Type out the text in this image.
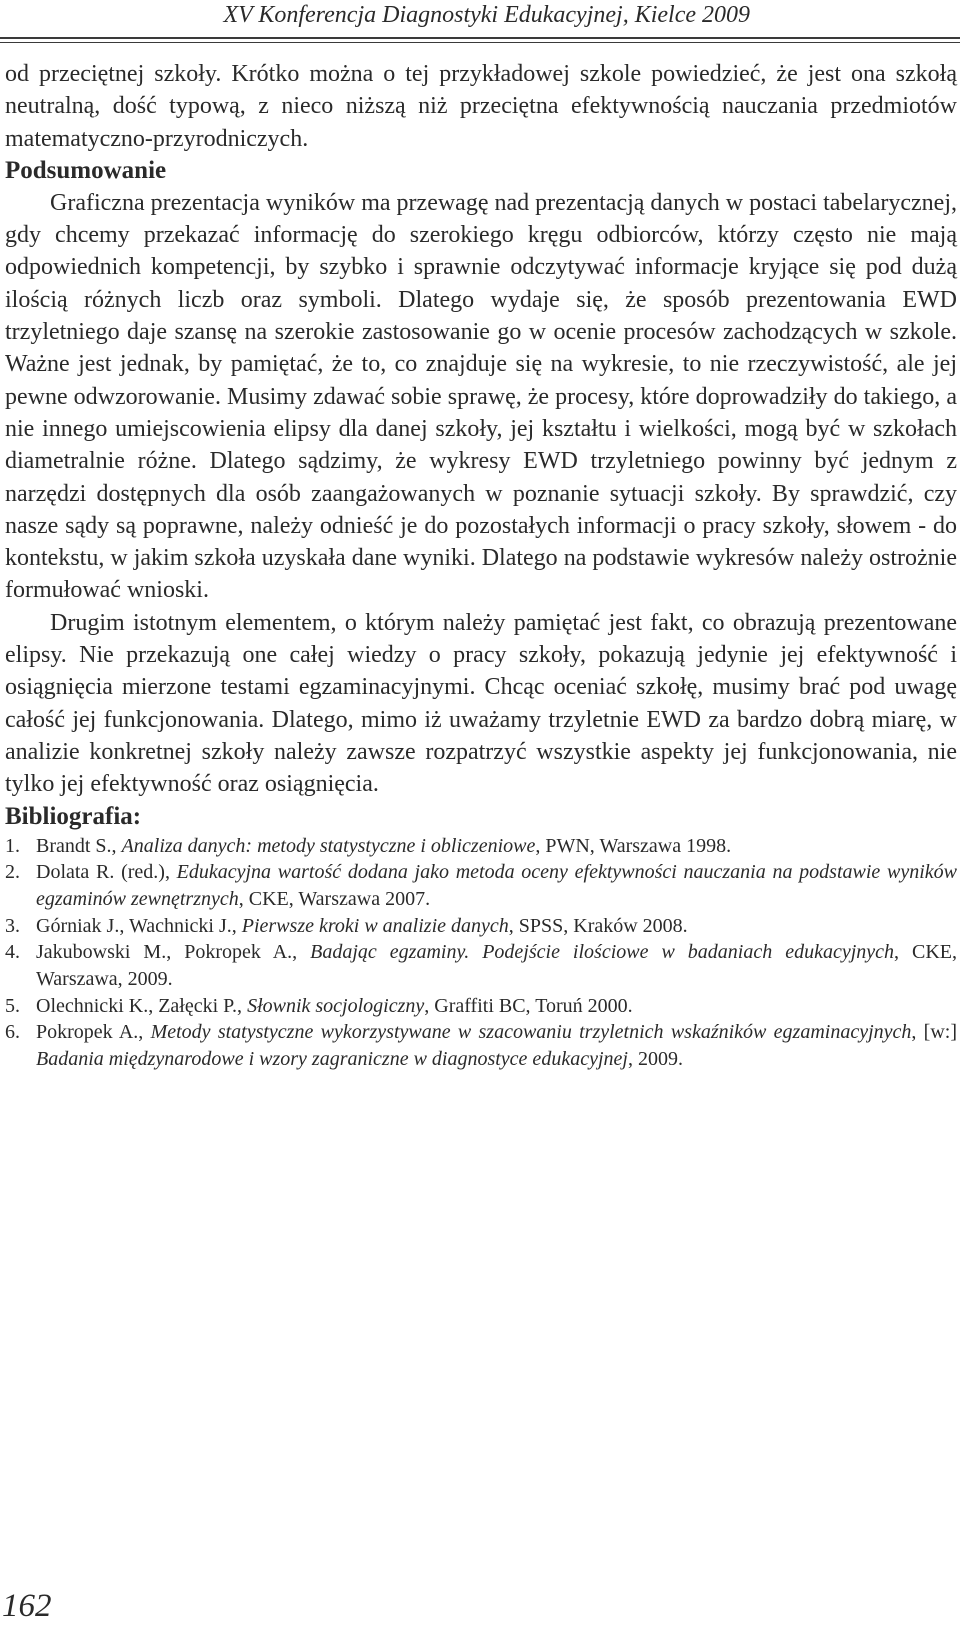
XV Konferencja Diagnostyki Edukacyjnej, Kielce 2009

od przeciętnej szkoły. Krótko można o tej przykładowej szkole powiedzieć, że jest ona szkołą neutralną, dość typową, z nieco niższą niż przeciętna efektywnością nauczania przedmiotów matematyczno-przyrodniczych.

Podsumowanie

Graficzna prezentacja wyników ma przewagę nad prezentacją danych w postaci tabelarycznej, gdy chcemy przekazać informację do szerokiego kręgu odbiorców, którzy często nie mają odpowiednich kompetencji, by szybko i sprawnie odczytywać informacje kryjące się pod dużą ilością różnych liczb oraz symboli. Dlatego wydaje się, że sposób prezentowania EWD trzyletniego daje szansę na szerokie zastosowanie go w ocenie procesów zachodzących w szkole. Ważne jest jednak, by pamiętać, że to, co znajduje się na wykresie, to nie rzeczywistość, ale jej pewne odwzorowanie. Musimy zdawać sobie sprawę, że procesy, które doprowadziły do takiego, a nie innego umiejscowienia elipsy dla danej szkoły, jej kształtu i wielkości, mogą być w szkołach diametralnie różne. Dlatego sądzimy, że wykresy EWD trzyletniego powinny być jednym z narzędzi dostępnych dla osób zaangażowanych w poznanie sytuacji szkoły. By sprawdzić, czy nasze sądy są poprawne, należy odnieść je do pozostałych informacji o pracy szkoły, słowem - do kontekstu, w jakim szkoła uzyskała dane wyniki. Dlatego na podstawie wykresów należy ostrożnie formułować wnioski.

Drugim istotnym elementem, o którym należy pamiętać jest fakt, co obrazują prezentowane elipsy. Nie przekazują one całej wiedzy o pracy szkoły, pokazują jedynie jej efektywność i osiągnięcia mierzone testami egzaminacyjnymi. Chcąc oceniać szkołę, musimy brać pod uwagę całość jej funkcjonowania. Dlatego, mimo iż uważamy trzyletnie EWD za bardzo dobrą miarę, w analizie konkretnej szkoły należy zawsze rozpatrzyć wszystkie aspekty jej funkcjonowania, nie tylko jej efektywność oraz osiągnięcia.

Bibliografia:
1. Brandt S., Analiza danych: metody statystyczne i obliczeniowe, PWN, Warszawa 1998.
2. Dolata R. (red.), Edukacyjna wartość dodana jako metoda oceny efektywności nauczania na podstawie wyników egzaminów zewnętrznych, CKE, Warszawa 2007.
3. Górniak J., Wachnicki J., Pierwsze kroki w analizie danych, SPSS, Kraków 2008.
4. Jakubowski M., Pokropek A., Badając egzaminy. Podejście ilościowe w badaniach edukacyjnych, CKE, Warszawa, 2009.
5. Olechnicki K., Załęcki P., Słownik socjologiczny, Graffiti BC, Toruń 2000.
6. Pokropek A., Metody statystyczne wykorzystywane w szacowaniu trzyletnich wskaźników egzaminacyjnych, [w:] Badania międzynarodowe i wzory zagraniczne w diagnostyce edukacyjnej, 2009.
162
